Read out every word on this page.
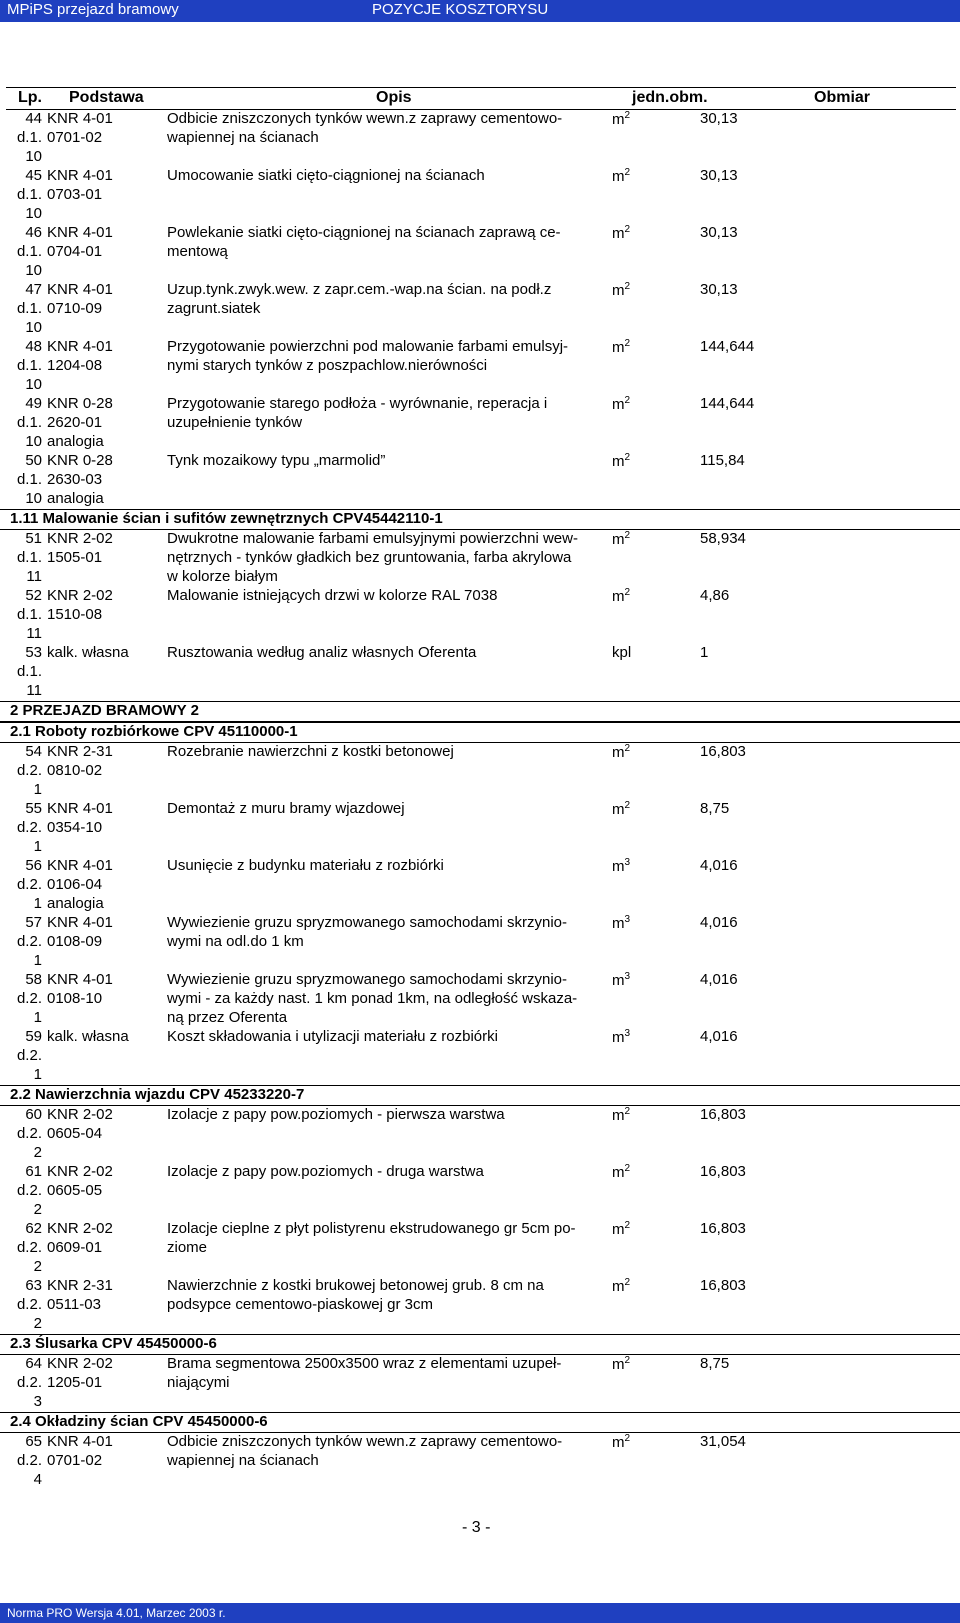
MPiPS przejazd bramowy	POZYCJE KOSZTORYSU
Lp. Podstawa	Opis	jedn.obm.	Obmiar
44 KNR 4-01	Odbicie zniszczonych tynków wewn.z zaprawy cementowo-	$m^2$	30,13
d.1. 0701-02	wapiennej na ścianach
10
45 KNR 4-01	Umocowanie siatki cięto-ciągnionej na ścianach	$m^2$	30,13
d.1. 0703-01
10
46 KNR 4-01	Powlekanie siatki cięto-ciągnionej na ścianach zaprawą ce-	$m^2$	30,13
d.1. 0704-01	mentową
10
47 KNR 4-01	Uzup.tynk.zwyk.wew. z zapr.cem.-wap.na ścian. na podł.z	$m^2$	30,13
d.1. 0710-09	zagrunt.siatek
10
48 KNR 4-01	Przygotowanie powierzchni pod malowanie farbami emulsyj-	$m^2$	144,644
d.1. 1204-08	nymi starych tynków z poszpachlow.nierówności
10
49 KNR 0-28	Przygotowanie starego podłoża - wyrównanie, reperacja i	$m^2$	144,644
d.1. 2620-01	uzupełnienie tynków
10 analogia
50 KNR 0-28	Tynk mozaikowy typu „marmolid”	$m^2$	115,84
d.1. 2630-03
10 analogia
1.11 Malowanie ścian i sufitów zewnętrznych CPV45442110-1
51 KNR 2-02	Dwukrotne malowanie farbami emulsyjnymi powierzchni wew- $m^2$	58,934
d.1. 1505-01	nętrznych - tynków gładkich bez gruntowania, farba akrylowa
11	w kolorze białym
52 KNR 2-02	Malowanie istniejących drzwi w kolorze RAL 7038	$m^2$	4,86
d.1. 1510-08
11
53 kalk. własna	Rusztowania według analiz własnych Oferenta	kpl	1
d.1.
11
2 PRZEJAZD BRAMOWY 2
2.1 Roboty rozbiórkowe CPV 45110000-1
54 KNR 2-31	Rozebranie nawierzchni z kostki betonowej	$m^2$	16,803
d.2. 0810-02
1
55 KNR 4-01	Demontaż z muru bramy wjazdowej	$m^2$	8,75
d.2. 0354-10
1
56 KNR 4-01	Usunięcie z budynku materiału z rozbiórki	$m^3$	4,016
d.2. 0106-04
1 analogia
57 KNR 4-01	Wywiezienie gruzu spryzmowanego samochodami skrzynio-	$m^3$	4,016
d.2. 0108-09	wymi na odl.do 1 km
1
58 KNR 4-01	Wywiezienie gruzu spryzmowanego samochodami skrzynio-	$m^3$	4,016
d.2. 0108-10	wymi - za każdy nast. 1 km ponad 1km, na odległość wskaza-
1	ną przez Oferenta
59 kalk. własna	Koszt składowania i utylizacji materiału z rozbiórki	$m^3$	4,016
d.2.
1
2.2 Nawierzchnia wjazdu CPV 45233220-7
60 KNR 2-02	Izolacje z papy pow.poziomych - pierwsza warstwa	$m^2$	16,803
d.2. 0605-04
2
61 KNR 2-02	Izolacje z papy pow.poziomych - druga warstwa	$m^2$	16,803
d.2. 0605-05
2
62 KNR 2-02	Izolacje cieplne z płyt polistyrenu ekstrudowanego gr 5cm po- $m^2$	16,803
d.2. 0609-01	ziome
2
63 KNR 2-31	Nawierzchnie z kostki brukowej betonowej grub. 8 cm na	$m^2$	16,803
d.2. 0511-03	podsypce cementowo-piaskowej gr 3cm
2
2.3 Ślusarka CPV 45450000-6
64 KNR 2-02	Brama segmentowa 2500x3500 wraz z elementami uzupeł-	$m^2$	8,75
d.2. 1205-01	niającymi
3
2.4 Okładziny ścian CPV 45450000-6
65 KNR 4-01	Odbicie zniszczonych tynków wewn.z zaprawy cementowo-	$m^2$	31,054
d.2. 0701-02	wapiennej na ścianach
4
- 3 -
Norma PRO Wersja 4.01, Marzec 2003 r.
